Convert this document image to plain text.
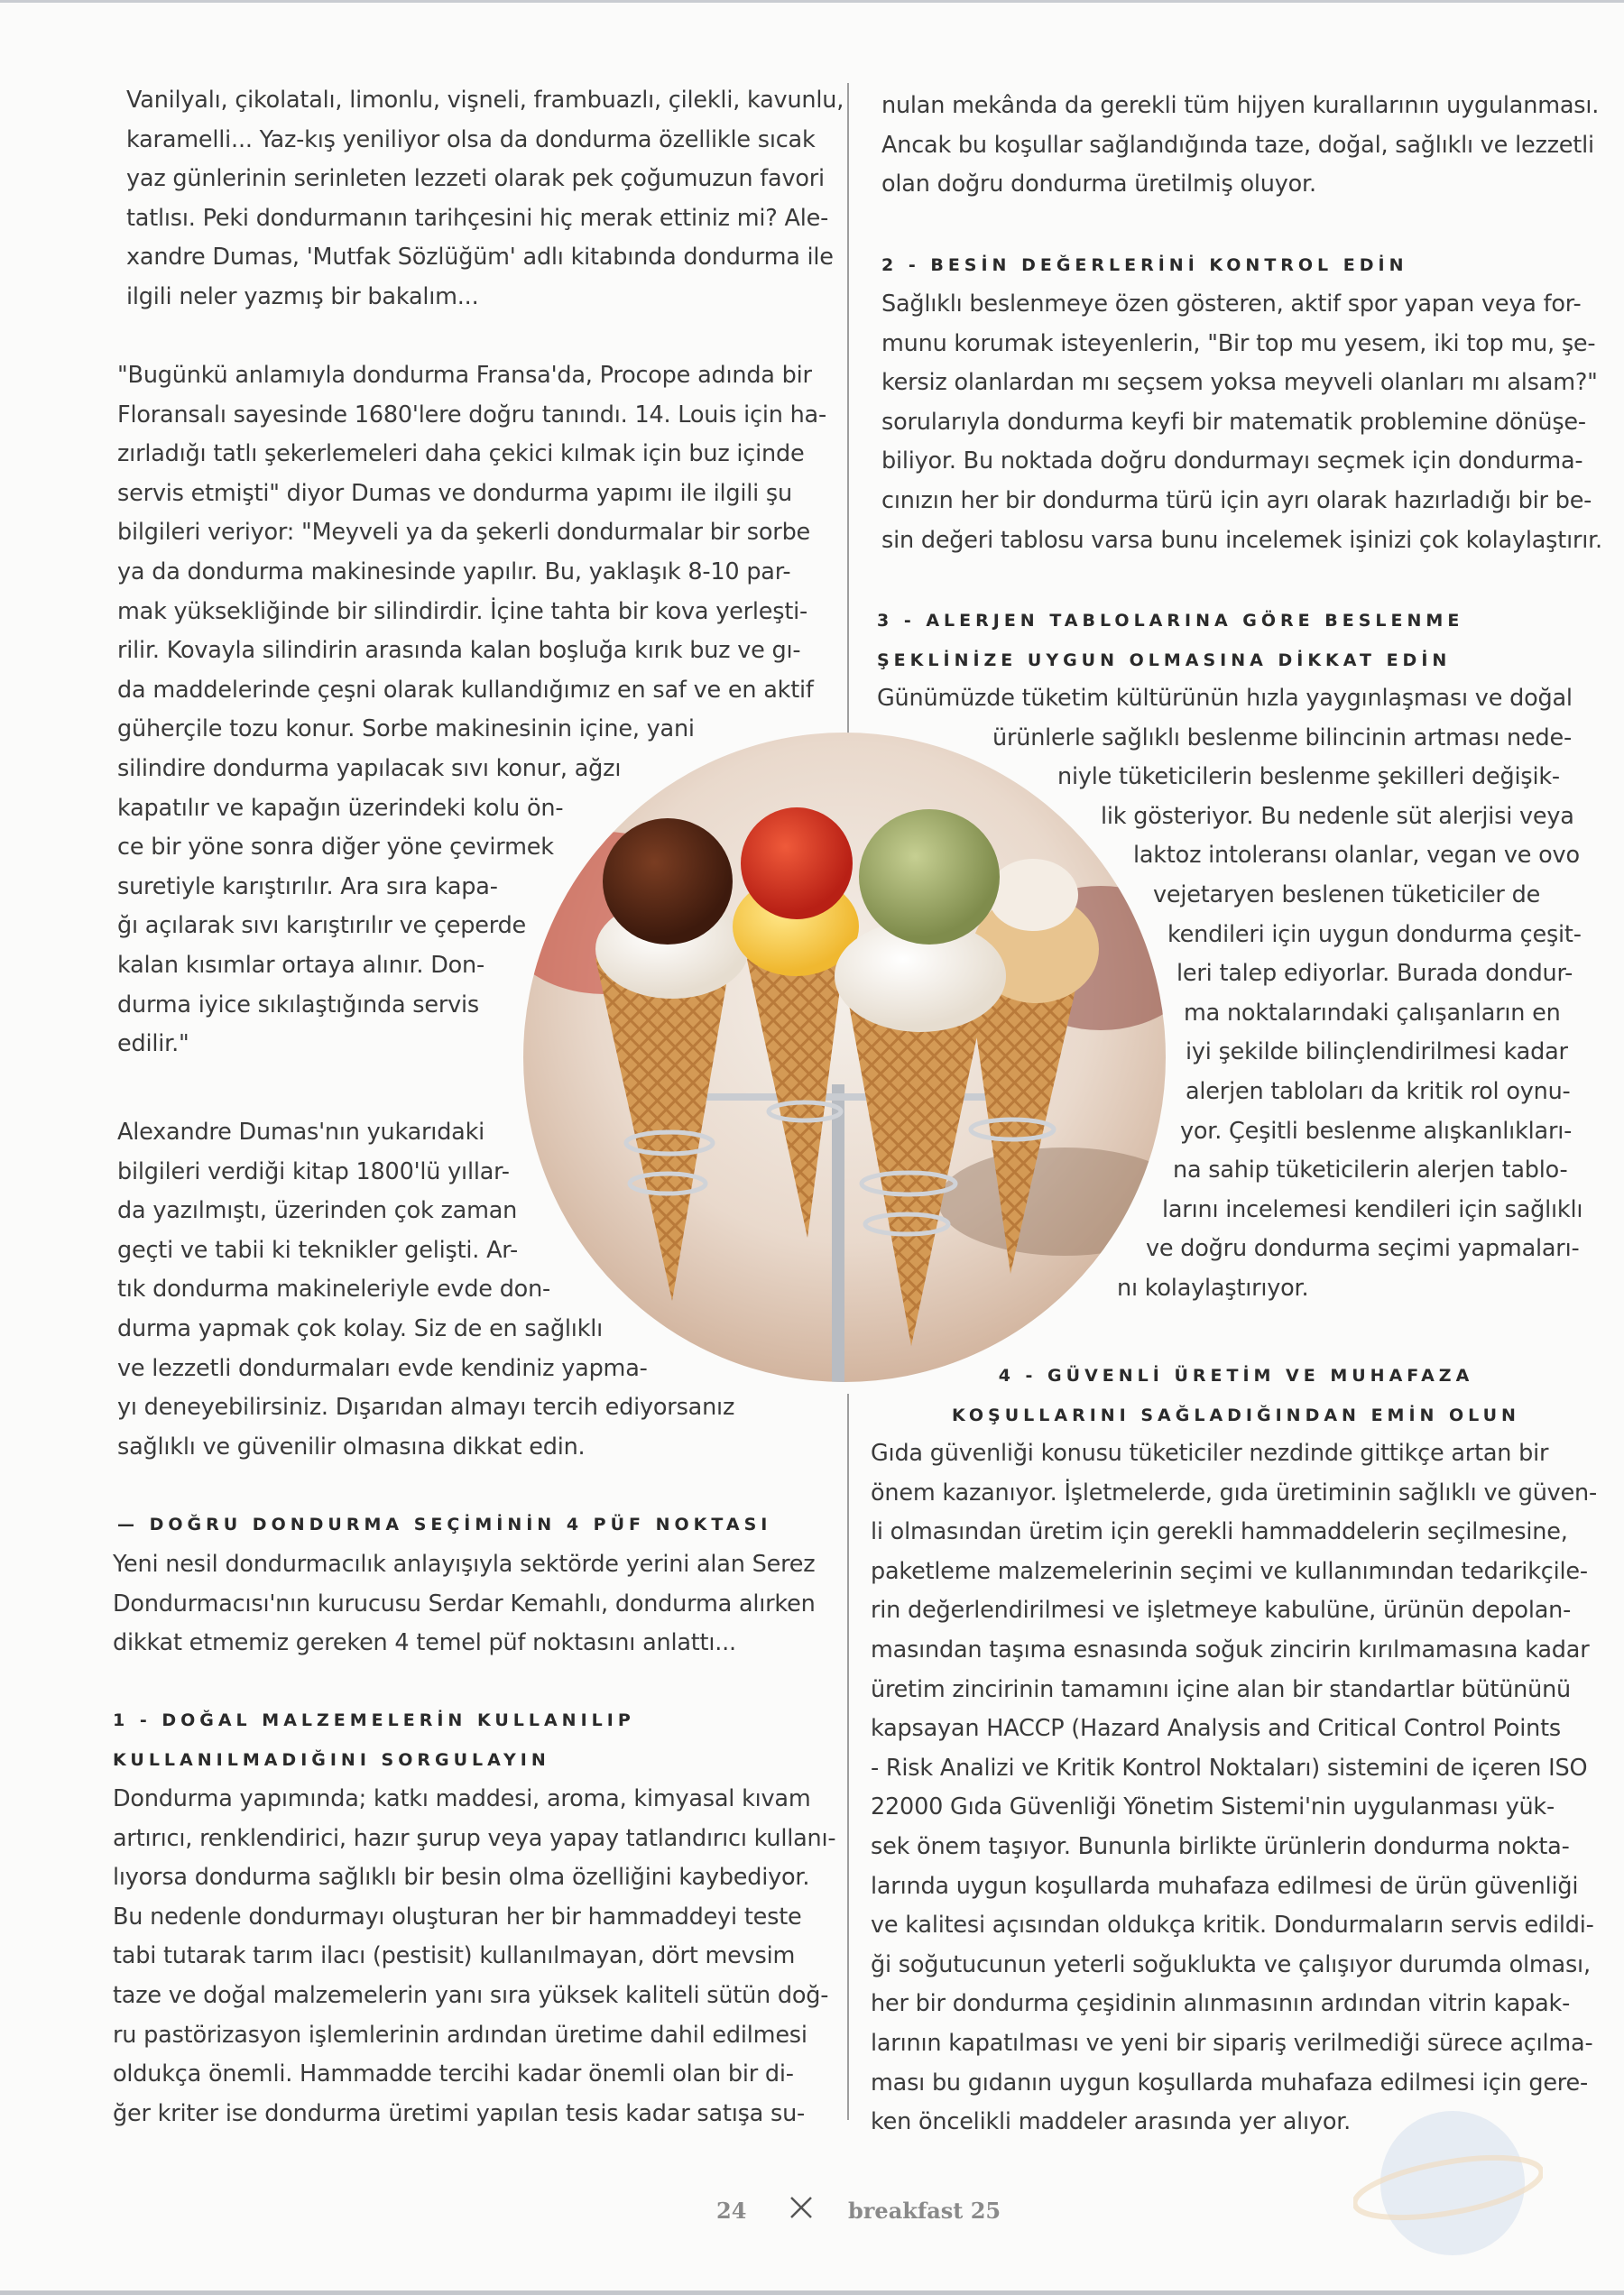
Vanilyalı, çikolatalı, limonlu, vişneli, frambuazlı, çilekli, kavunlu,
karamelli... Yaz-kış yeniliyor olsa da dondurma özellikle sıcak
yaz günlerinin serinleten lezzeti olarak pek çoğumuzun favori
tatlısı. Peki dondurmanın tarihçesini hiç merak ettiniz mi? Ale-
xandre Dumas, 'Mutfak Sözlüğüm' adlı kitabında dondurma ile
ilgili neler yazmış bir bakalım...

"Bugünkü anlamıyla dondurma Fransa'da, Procope adında bir
Floransalı sayesinde 1680'lere doğru tanındı. 14. Louis için ha-
zırladığı tatlı şekerlemeleri daha çekici kılmak için buz içinde
servis etmişti" diyor Dumas ve dondurma yapımı ile ilgili şu
bilgileri veriyor: "Meyveli ya da şekerli dondurmalar bir sorbe
ya da dondurma makinesinde yapılır. Bu, yaklaşık 8-10 par-
mak yüksekliğinde bir silindirdir. İçine tahta bir kova yerleşti-
rilir. Kovayla silindirin arasında kalan boşluğa kırık buz ve gı-
da maddelerinde çeşni olarak kullandığımız en saf ve en aktif
güherçile tozu konur. Sorbe makinesinin içine, yani
silindire dondurma yapılacak sıvı konur, ağzı
kapatılır ve kapağın üzerindeki kolu ön-
ce bir yöne sonra diğer yöne çevirmek
suretiyle karıştırılır. Ara sıra kapa-
ğı açılarak sıvı karıştırılır ve çeperde
kalan kısımlar ortaya alınır. Don-
durma iyice sıkılaştığında servis
edilir."

Alexandre Dumas'nın yukarıdaki
bilgileri verdiği kitap 1800'lü yıllar-
da yazılmıştı, üzerinden çok zaman
geçti ve tabii ki teknikler gelişti. Ar-
tık dondurma makineleriyle evde don-
durma yapmak çok kolay. Siz de en sağlıklı
ve lezzetli dondurmaları evde kendiniz yapma-
yı deneyebilirsiniz. Dışarıdan almayı tercih ediyorsanız
sağlıklı ve güvenilir olmasına dikkat edin.

— DOĞRU DONDURMA SEÇİMİNİN 4 PÜF NOKTASI

Yeni nesil dondurmacılık anlayışıyla sektörde yerini alan Serez
Dondurmacısı'nın kurucusu Serdar Kemahlı, dondurma alırken
dikkat etmemiz gereken 4 temel püf noktasını anlattı...

1 - DOĞAL MALZEMELERİN KULLANILIP
KULLANILMADIĞINI SORGULAYIN

Dondurma yapımında; katkı maddesi, aroma, kimyasal kıvam
artırıcı, renklendirici, hazır şurup veya yapay tatlandırıcı kullanı-
lıyorsa dondurma sağlıklı bir besin olma özelliğini kaybediyor.
Bu nedenle dondurmayı oluşturan her bir hammaddeyi teste
tabi tutarak tarım ilacı (pestisit) kullanılmayan, dört mevsim
taze ve doğal malzemelerin yanı sıra yüksek kaliteli sütün doğ-
ru pastörizasyon işlemlerinin ardından üretime dahil edilmesi
oldukça önemli. Hammadde tercihi kadar önemli olan bir di-
ğer kriter ise dondurma üretimi yapılan tesis kadar satışa su-

nulan mekânda da gerekli tüm hijyen kurallarının uygulanması.
Ancak bu koşullar sağlandığında taze, doğal, sağlıklı ve lezzetli
olan doğru dondurma üretilmiş oluyor.

2 - BESİN DEĞERLERİNİ KONTROL EDİN

Sağlıklı beslenmeye özen gösteren, aktif spor yapan veya for-
munu korumak isteyenlerin, "Bir top mu yesem, iki top mu, şe-
kersiz olanlardan mı seçsem yoksa meyveli olanları mı alsam?"
sorularıyla dondurma keyfi bir matematik problemine dönüşe-
biliyor. Bu noktada doğru dondurmayı seçmek için dondurma-
cınızın her bir dondurma türü için ayrı olarak hazırladığı bir be-
sin değeri tablosu varsa bunu incelemek işinizi çok kolaylaştırır.

3 - ALERJEN TABLOLARINA GÖRE BESLENME
ŞEKLİNİZE UYGUN OLMASINA DİKKAT EDİN

Günümüzde tüketim kültürünün hızla yaygınlaşması ve doğal
ürünlerle sağlıklı beslenme bilincinin artması nede-
niyle tüketicilerin beslenme şekilleri değişik-
lik gösteriyor. Bu nedenle süt alerjisi veya
laktoz intoleransı olanlar, vegan ve ovo
vejetaryen beslenen tüketiciler de
kendileri için uygun dondurma çeşit-
leri talep ediyorlar. Burada dondur-
ma noktalarındaki çalışanların en
iyi şekilde bilinçlendirilmesi kadar
alerjen tabloları da kritik rol oynu-
yor. Çeşitli beslenme alışkanlıkları-
na sahip tüketicilerin alerjen tablo-
larını incelemesi kendileri için sağlıklı
ve doğru dondurma seçimi yapmaları-
nı kolaylaştırıyor.

4 - GÜVENLİ ÜRETİM VE MUHAFAZA
KOŞULLARINI SAĞLADIĞINDAN EMİN OLUN

Gıda güvenliği konusu tüketiciler nezdinde gittikçe artan bir
önem kazanıyor. İşletmelerde, gıda üretiminin sağlıklı ve güven-
li olmasından üretim için gerekli hammaddelerin seçilmesine,
paketleme malzemelerinin seçimi ve kullanımından tedarikçile-
rin değerlendirilmesi ve işletmeye kabulüne, ürünün depolan-
masından taşıma esnasında soğuk zincirin kırılmamasına kadar
üretim zincirinin tamamını içine alan bir standartlar bütününü
kapsayan HACCP (Hazard Analysis and Critical Control Points
- Risk Analizi ve Kritik Kontrol Noktaları) sistemini de içeren ISO
22000 Gıda Güvenliği Yönetim Sistemi'nin uygulanması yük-
sek önem taşıyor. Bununla birlikte ürünlerin dondurma nokta-
larında uygun koşullarda muhafaza edilmesi de ürün güvenliği
ve kalitesi açısından oldukça kritik. Dondurmaların servis edildi-
ği soğutucunun yeterli soğuklukta ve çalışıyor durumda olması,
her bir dondurma çeşidinin alınmasının ardından vitrin kapak-
larının kapatılması ve yeni bir sipariş verilmediği sürece açılma-
ması bu gıdanın uygun koşullarda muhafaza edilmesi için gere-
ken öncelikli maddeler arasında yer alıyor.

24	breakfast 25
